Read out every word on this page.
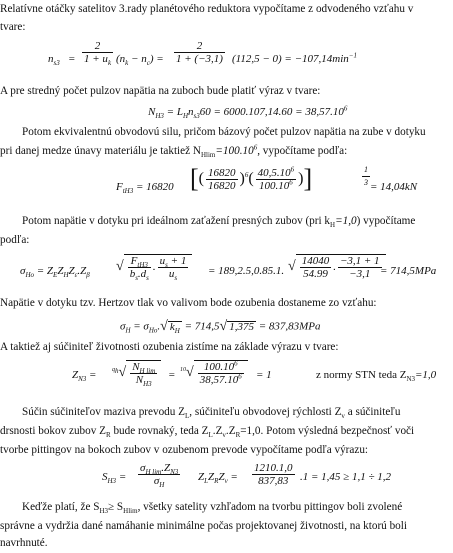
Relatívne otáčky satelitov 3.rady planétového reduktora vypočítame z odvodeného vzťahu v
tvare:
$n_{s3} = \frac{2}{1 + u_k} (n_k - n_c) = \frac{2}{1 + (-3,1)} (112,5 - 0) = -107,14\min^{-1}$
A pre stredný počet pulzov napätia na zuboch bude platiť výraz v tvare:
$N_{H3} = L_Hn_{s3}60 = 6000.107,14.60 = 38,57.10^6$
Potom ekvivalentnú obvodovú silu, pričom bázový počet pulzov napätia na zube v dotyku
pri danej medze únavy materiálu je taktiež $N_{Hlim}=100.10^6$, vypočítame podľa:
$F_{tH3} = 16820$ [( $\frac{16820}{16820} )^6( \frac{40,5.10^6}{100.10^6}$ )]	$\frac{1}{3} = 14,04kN$
Potom napätie v dotyku pri ideálnom zaťažení presných zubov (pri $k_H=1,0$) vypočítame
podľa:
$\sigma_{Ho} = Z_EZ_HZ_\varepsilon.Z_\beta$
√ $\frac{F_{tH3}}{b_s.d_s}$ . $\frac{u_s + 1}{u_s} = 189,2.5,0.85.1$. √ $\frac{14040}{54.99}$ . $\frac{-3,1 + 1}{-3,1}$
= 714,5MPa
Napätie v dotyku tzv. Hertzov tlak vo valivom bode ozubenia dostaneme zo vzťahu:
$\sigma_H = \sigma_{Ho}.√$ $k_H = 714,5√$ 1,375 = 837,83MPa
A taktiež aj súčiniteľ životnosti ozubenia zistíme na základe výrazu v tvare:
$Z_{N3}$ =	$^{q_h}√ \frac{N_{H lim}}{N_{H3}} = ^{10}√ \frac{100.10^6}{38,57.10^6} = 1$	z normy STN teda $Z_{N3}=1,0$
Súčin súčiniteľov maziva prevodu $Z_L$, súčiniteľu obvodovej rýchlosti $Z_v$ a súčiniteľu
drsnosti bokov zubov $Z_R$ bude rovnaký, teda $Z_L.Z_v.Z_R=1,0$. Potom výsledná bezpečnosť voči
tvorbe pittingov na bokoch zubov v ozubenom prevode vypočítame podľa výrazu:
$S_{H3} = \frac{\sigma_{H lim}.Z_{N3}}{\sigma_H} Z_LZ_RZ_v = \frac{1210.1,0}{837,83} .1 = 1,45 \ge 1,1 \div 1,2$
Keďže platí, že $S_{H3}\ge S_{Hlim}$, všetky satelity vzhľadom na tvorbu pittingov boli zvolené
správne a vydržia dané namáhanie minimálne počas projektovanej životnosti, na ktorú boli
navrhnuté.
